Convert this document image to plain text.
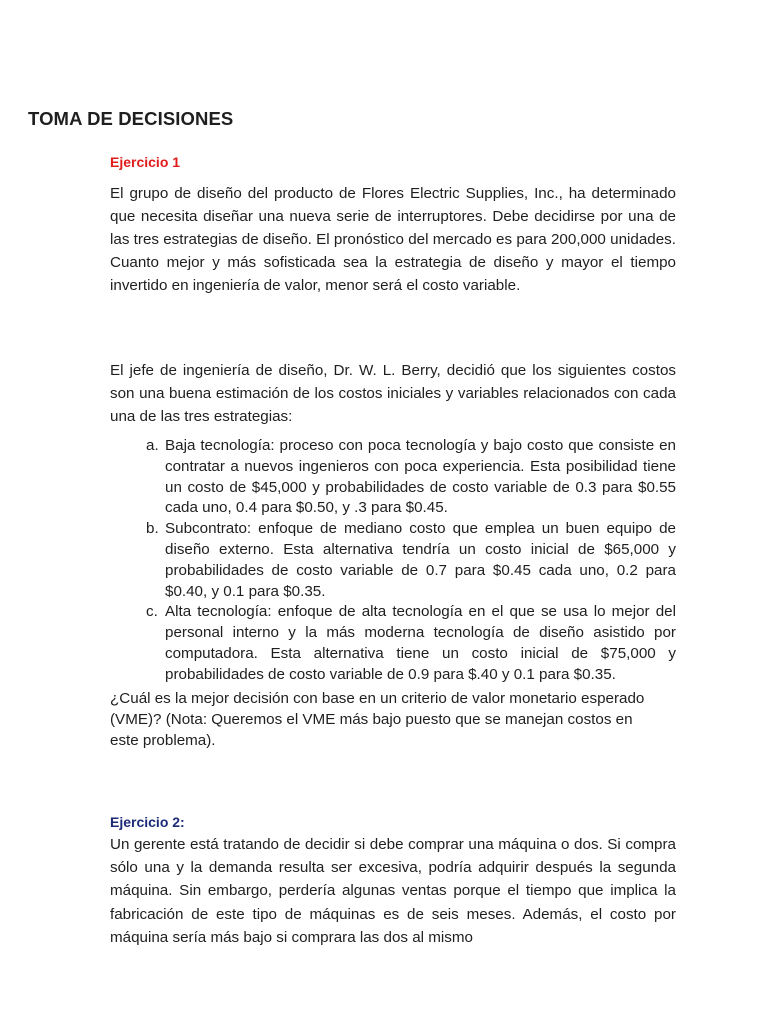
TOMA DE DECISIONES
Ejercicio 1

El grupo de diseño del producto de Flores Electric Supplies, Inc., ha determinado que necesita diseñar una nueva serie de interruptores. Debe decidirse por una de las tres estrategias de diseño. El pronóstico del mercado es para 200,000 unidades. Cuanto mejor y más sofisticada sea la estrategia de diseño y mayor el tiempo invertido en ingeniería de valor, menor será el costo variable.

El jefe de ingeniería de diseño, Dr. W. L. Berry, decidió que los siguientes costos son una buena estimación de los costos iniciales y variables relacionados con cada una de las tres estrategias:

a. Baja tecnología: proceso con poca tecnología y bajo costo que consiste en contratar a nuevos ingenieros con poca experiencia. Esta posibilidad tiene un costo de $45,000 y probabilidades de costo variable de 0.3 para $0.55 cada uno, 0.4 para $0.50, y .3 para $0.45.
b. Subcontrato: enfoque de mediano costo que emplea un buen equipo de diseño externo. Esta alternativa tendría un costo inicial de $65,000 y probabilidades de costo variable de 0.7 para $0.45 cada uno, 0.2 para $0.40, y 0.1 para $0.35.
c. Alta tecnología: enfoque de alta tecnología en el que se usa lo mejor del personal interno y la más moderna tecnología de diseño asistido por computadora. Esta alternativa tiene un costo inicial de $75,000 y probabilidades de costo variable de 0.9 para $.40 y 0.1 para $0.35.

¿Cuál es la mejor decisión con base en un criterio de valor monetario esperado (VME)? (Nota: Queremos el VME más bajo puesto que se manejan costos en este problema).

Ejercicio 2:

Un gerente está tratando de decidir si debe comprar una máquina o dos. Si compra sólo una y la demanda resulta ser excesiva, podría adquirir después la segunda máquina. Sin embargo, perdería algunas ventas porque el tiempo que implica la fabricación de este tipo de máquinas es de seis meses. Además, el costo por máquina sería más bajo si comprara las dos al mismo
